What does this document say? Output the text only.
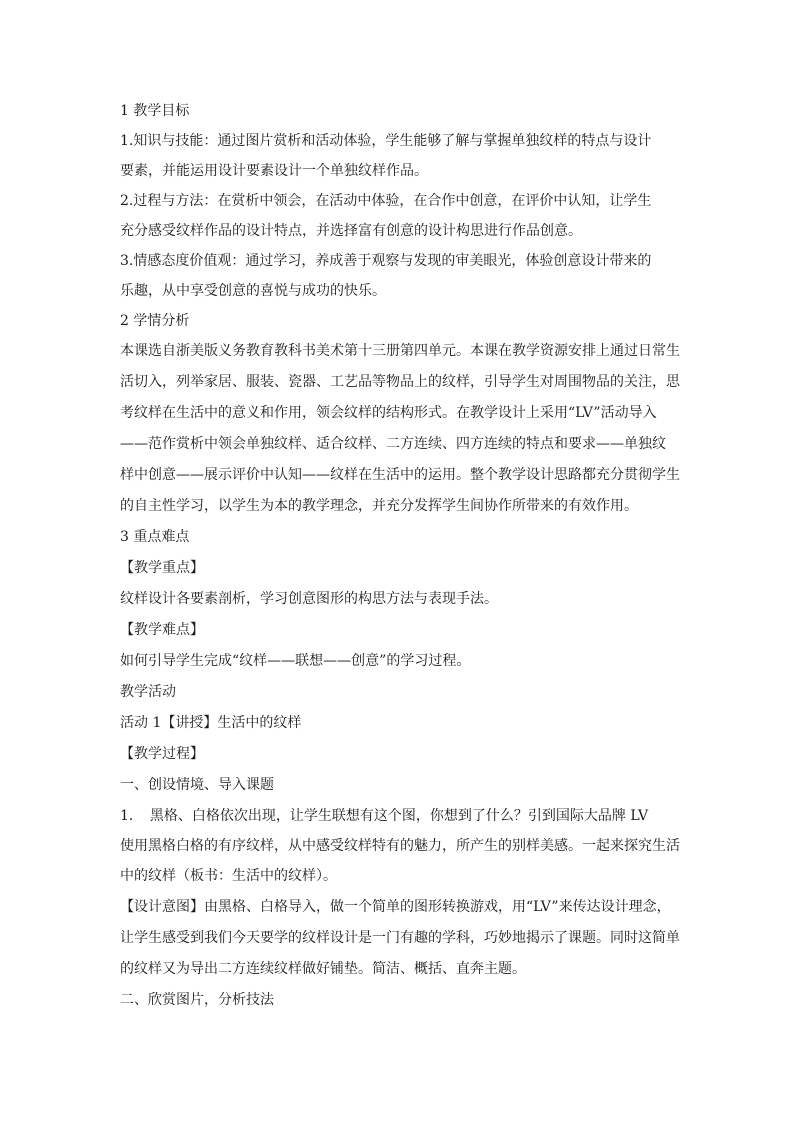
1 教学目标
1.知识与技能：通过图片赏析和活动体验，学生能够了解与掌握单独纹样的特点与设计
要素，并能运用设计要素设计一个单独纹样作品。
2.过程与方法：在赏析中领会，在活动中体验，在合作中创意，在评价中认知，让学生
充分感受纹样作品的设计特点，并选择富有创意的设计构思进行作品创意。
3.情感态度价值观：通过学习，养成善于观察与发现的审美眼光，体验创意设计带来的
乐趣，从中享受创意的喜悦与成功的快乐。
2 学情分析
本课选自浙美版义务教育教科书美术第十三册第四单元。本课在教学资源安排上通过日常生
活切入，列举家居、服装、瓷器、工艺品等物品上的纹样，引导学生对周围物品的关注，思
考纹样在生活中的意义和作用，领会纹样的结构形式。在教学设计上采用“LV”活动导入
——范作赏析中领会单独纹样、适合纹样、二方连续、四方连续的特点和要求——单独纹
样中创意——展示评价中认知——纹样在生活中的运用。整个教学设计思路都充分贯彻学生
的自主性学习，以学生为本的教学理念，并充分发挥学生间协作所带来的有效作用。
3 重点难点
【教学重点】
纹样设计各要素剖析，学习创意图形的构思方法与表现手法。
【教学难点】
如何引导学生完成“纹样——联想——创意”的学习过程。
教学活动
活动 1【讲授】生活中的纹样
【教学过程】
一、创设情境、导入课题
1．　黑格、白格依次出现，让学生联想有这个图，你想到了什么？引到国际大品牌 LV
使用黑格白格的有序纹样，从中感受纹样特有的魅力，所产生的别样美感。一起来探究生活
中的纹样（板书：生活中的纹样）。
【设计意图】由黑格、白格导入，做一个简单的图形转换游戏，用“LV”来传达设计理念，
让学生感受到我们今天要学的纹样设计是一门有趣的学科，巧妙地揭示了课题。同时这简单
的纹样又为导出二方连续纹样做好铺垫。简洁、概括、直奔主题。
二、欣赏图片，分析技法
